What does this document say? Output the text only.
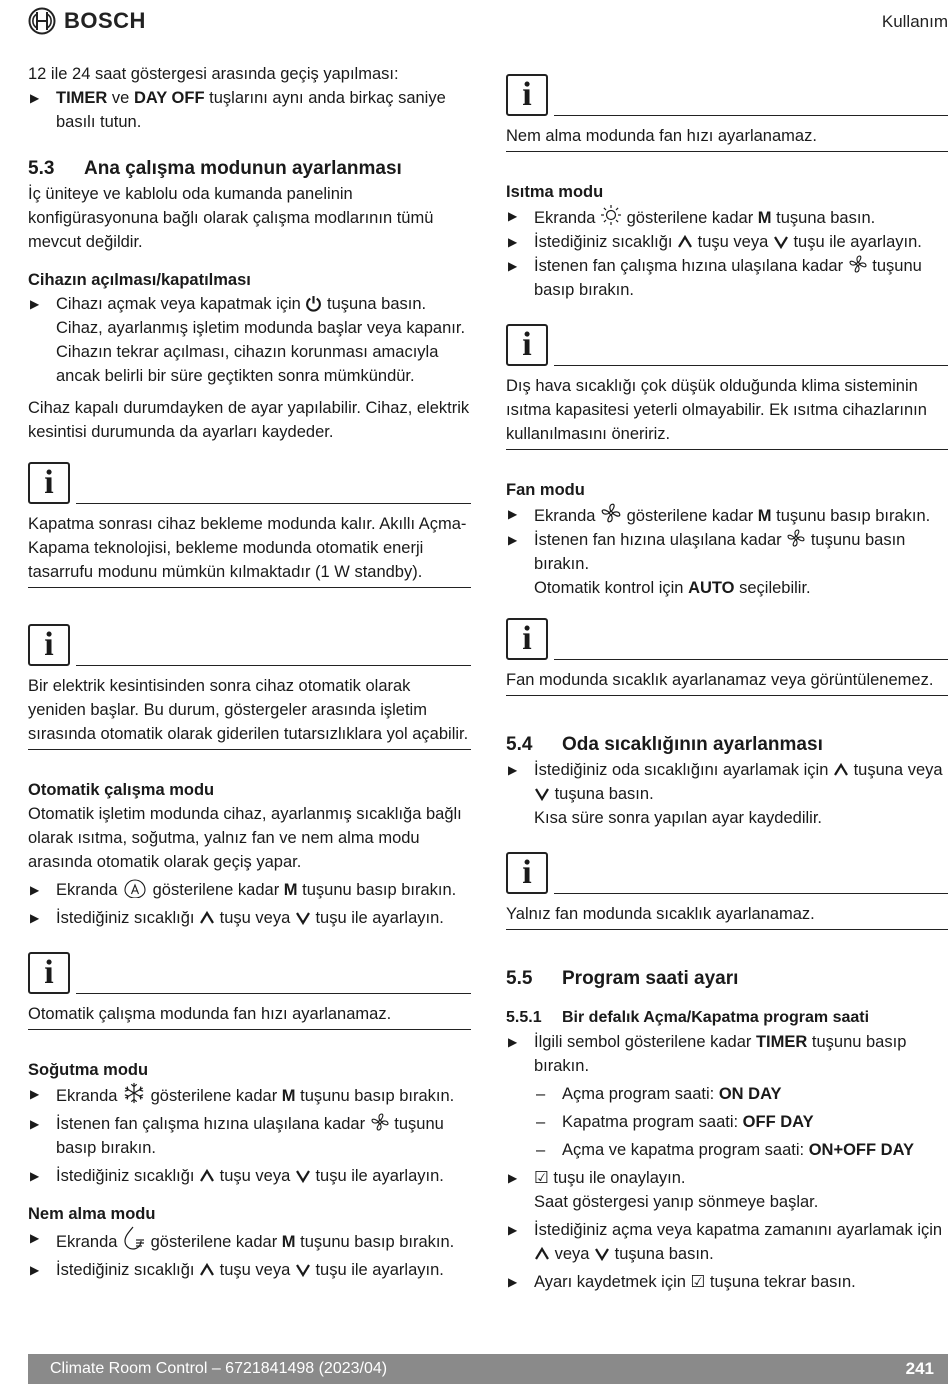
BOSCH	Kullanım

12 ile 24 saat göstergesi arasında geçiş yapılması:

▶ TIMER ve DAY OFF tuşlarını aynı anda birkaç saniye basılı tutun.

5.3	Ana çalışma modunun ayarlanması

İç üniteye ve kablolu oda kumanda panelinin konfigürasyonuna bağlı olarak çalışma modlarının tümü mevcut değildir.

Cihazın açılması/kapatılması

▶ Cihazı açmak veya kapatmak için  tuşuna basın.

Cihaz, ayarlanmış işletim modunda başlar veya kapanır. Cihazın tekrar açılması, cihazın korunması amacıyla ancak belirli bir süre geçtikten sonra mümkündür.

Cihaz kapalı durumdayken de ayar yapılabilir. Cihaz, elektrik kesintisi durumunda da ayarları kaydeder.

i

Kapatma sonrası cihaz bekleme modunda kalır. Akıllı Açma-Kapama teknolojisi, bekleme modunda otomatik enerji tasarrufu modunu mümkün kılmaktadır (1 W standby).

i

Bir elektrik kesintisinden sonra cihaz otomatik olarak yeniden başlar. Bu durum, göstergeler arasında işletim sırasında otomatik olarak giderilen tutarsızlıklara yol açabilir.

Otomatik çalışma modu

Otomatik işletim modunda cihaz, ayarlanmış sıcaklığa bağlı olarak ısıtma, soğutma, yalnız fan ve nem alma modu arasında otomatik olarak geçiş yapar.

▶ Ekranda  gösterilene kadar M tuşunu basıp bırakın.

▶ İstediğiniz sıcaklığı  tuşu veya  tuşu ile ayarlayın.

i

Otomatik çalışma modunda fan hızı ayarlanamaz.

Soğutma modu

▶ Ekranda  gösterilene kadar M tuşunu basıp bırakın.

▶ İstenen fan çalışma hızına ulaşılana kadar  tuşunu basıp bırakın.

▶ İstediğiniz sıcaklığı  tuşu veya  tuşu ile ayarlayın.

Nem alma modu

▶ Ekranda  gösterilene kadar M tuşunu basıp bırakın.

▶ İstediğiniz sıcaklığı  tuşu veya  tuşu ile ayarlayın.

i

Nem alma modunda fan hızı ayarlanamaz.

Isıtma modu

▶ Ekranda  gösterilene kadar M tuşuna basın.

▶ İstediğiniz sıcaklığı  tuşu veya  tuşu ile ayarlayın.

▶ İstenen fan çalışma hızına ulaşılana kadar  tuşunu basıp bırakın.

i

Dış hava sıcaklığı çok düşük olduğunda klima sisteminin ısıtma kapasitesi yeterli olmayabilir. Ek ısıtma cihazlarının kullanılmasını öneririz.

Fan modu

▶ Ekranda  gösterilene kadar M tuşunu basıp bırakın.

▶ İstenen fan hızına ulaşılana kadar  tuşunu basın bırakın.

Otomatik kontrol için AUTO seçilebilir.

i

Fan modunda sıcaklık ayarlanamaz veya görüntülenemez.

5.4	Oda sıcaklığının ayarlanması

▶ İstediğiniz oda sıcaklığını ayarlamak için  tuşuna veya  tuşuna basın.

Kısa süre sonra yapılan ayar kaydedilir.

i

Yalnız fan modunda sıcaklık ayarlanamaz.

5.5	Program saati ayarı
5.5.1	Bir defalık Açma/Kapatma program saati

▶ İlgili sembol gösterilene kadar TIMER tuşunu basıp bırakın.

– Açma program saati: ON DAY

– Kapatma program saati: OFF DAY

– Açma ve kapatma program saati: ON+OFF DAY

▶ ☑ tuşu ile onaylayın.

Saat göstergesi yanıp sönmeye başlar.

▶ İstediğiniz açma veya kapatma zamanını ayarlamak için  veya  tuşuna basın.

▶ Ayarı kaydetmek için ☑ tuşuna tekrar basın.

Climate Room Control – 6721841498 (2023/04)	241
